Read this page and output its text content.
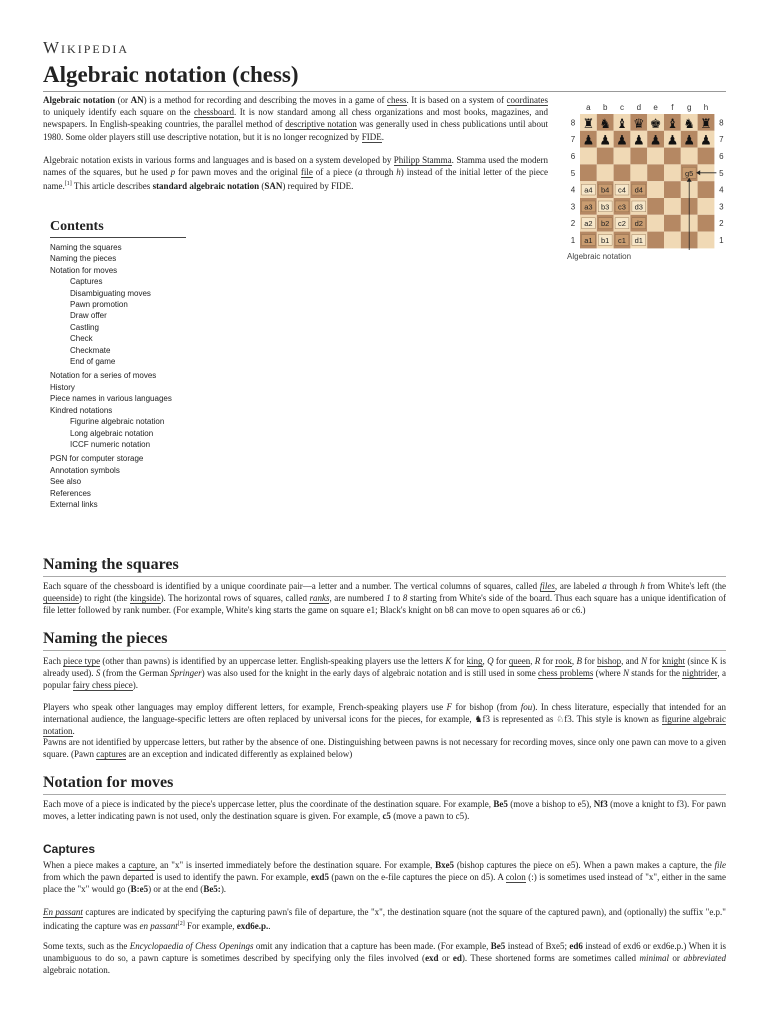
Wikipedia
Algebraic notation (chess)

Algebraic notation (or AN) is a method for recording and describing the moves in a game of chess. It is based on a system of coordinates to uniquely identify each square on the chessboard. It is now standard among all chess organizations and most books, magazines, and newspapers. In English-speaking countries, the parallel method of descriptive notation was generally used in chess publications until about 1980. Some older players still use descriptive notation, but it is no longer recognized by FIDE.

Algebraic notation exists in various forms and languages and is based on a system developed by Philipp Stamma. Stamma used the modern names of the squares, but he used p for pawn moves and the original file of a piece (a through h) instead of the initial letter of the piece name.[1] This article describes standard algebraic notation (SAN) required by FIDE.

a b c d e f g h
8	8
7	7
6	6
5	5
4	4
3	3
2	2
1	1
♜ ♞ ♝ ♛ ♚ ♝ ♞ ♜
♟ ♟ ♟ ♟ ♟ ♟ ♟ ♟
a4 b4 c4 d4
a3 b3 c3 d3
a2 b2 c2 d2
a1 b1 c1 d1
g5
Algebraic notation
Contents
Naming the squares
Naming the pieces
Notation for moves
Captures
Disambiguating moves
Pawn promotion
Draw offer
Castling
Check
Checkmate
End of game
Notation for a series of moves
History
Piece names in various languages
Kindred notations
Figurine algebraic notation
Long algebraic notation
ICCF numeric notation
PGN for computer storage
Annotation symbols
See also
References
External links
Naming the squares

Each square of the chessboard is identified by a unique coordinate pair—a letter and a number. The vertical columns of squares, called files, are labeled a through h from White's left (the queenside) to right (the kingside). The horizontal rows of squares, called ranks, are numbered 1 to 8 starting from White's side of the board. Thus each square has a unique identification of file letter followed by rank number. (For example, White's king starts the game on square e1; Black's knight on b8 can move to open squares a6 or c6.)

Naming the pieces

Each piece type (other than pawns) is identified by an uppercase letter. English-speaking players use the letters K for king, Q for queen, R for rook, B for bishop, and N for knight (since K is already used). S (from the German Springer) was also used for the knight in the early days of algebraic notation and is still used in some chess problems (where N stands for the nightrider, a popular fairy chess piece).

Players who speak other languages may employ different letters, for example, French-speaking players use F for bishop (from fou). In chess literature, especially that intended for an international audience, the language-specific letters are often replaced by universal icons for the pieces, for example, ♞f3 is represented as ♘f3. This style is known as figurine algebraic notation.

Pawns are not identified by uppercase letters, but rather by the absence of one. Distinguishing between pawns is not necessary for recording moves, since only one pawn can move to a given square. (Pawn captures are an exception and indicated differently as explained below)

Notation for moves

Each move of a piece is indicated by the piece's uppercase letter, plus the coordinate of the destination square. For example, Be5 (move a bishop to e5), Nf3 (move a knight to f3). For pawn moves, a letter indicating pawn is not used, only the destination square is given. For example, c5 (move a pawn to c5).

Captures

When a piece makes a capture, an "x" is inserted immediately before the destination square. For example, Bxe5 (bishop captures the piece on e5). When a pawn makes a capture, the file from which the pawn departed is used to identify the pawn. For example, exd5 (pawn on the e-file captures the piece on d5). A colon (:) is sometimes used instead of "x", either in the same place the "x" would go (B:e5) or at the end (Be5:).

En passant captures are indicated by specifying the capturing pawn's file of departure, the "x", the destination square (not the square of the captured pawn), and (optionally) the suffix "e.p." indicating the capture was en passant[2] For example, exd6e.p..

Some texts, such as the Encyclopaedia of Chess Openings omit any indication that a capture has been made. (For example, Be5 instead of Bxe5; ed6 instead of exd6 or exd6e.p.) When it is unambiguous to do so, a pawn capture is sometimes described by specifying only the files involved (exd or ed). These shortened forms are sometimes called minimal or abbreviated algebraic notation.
